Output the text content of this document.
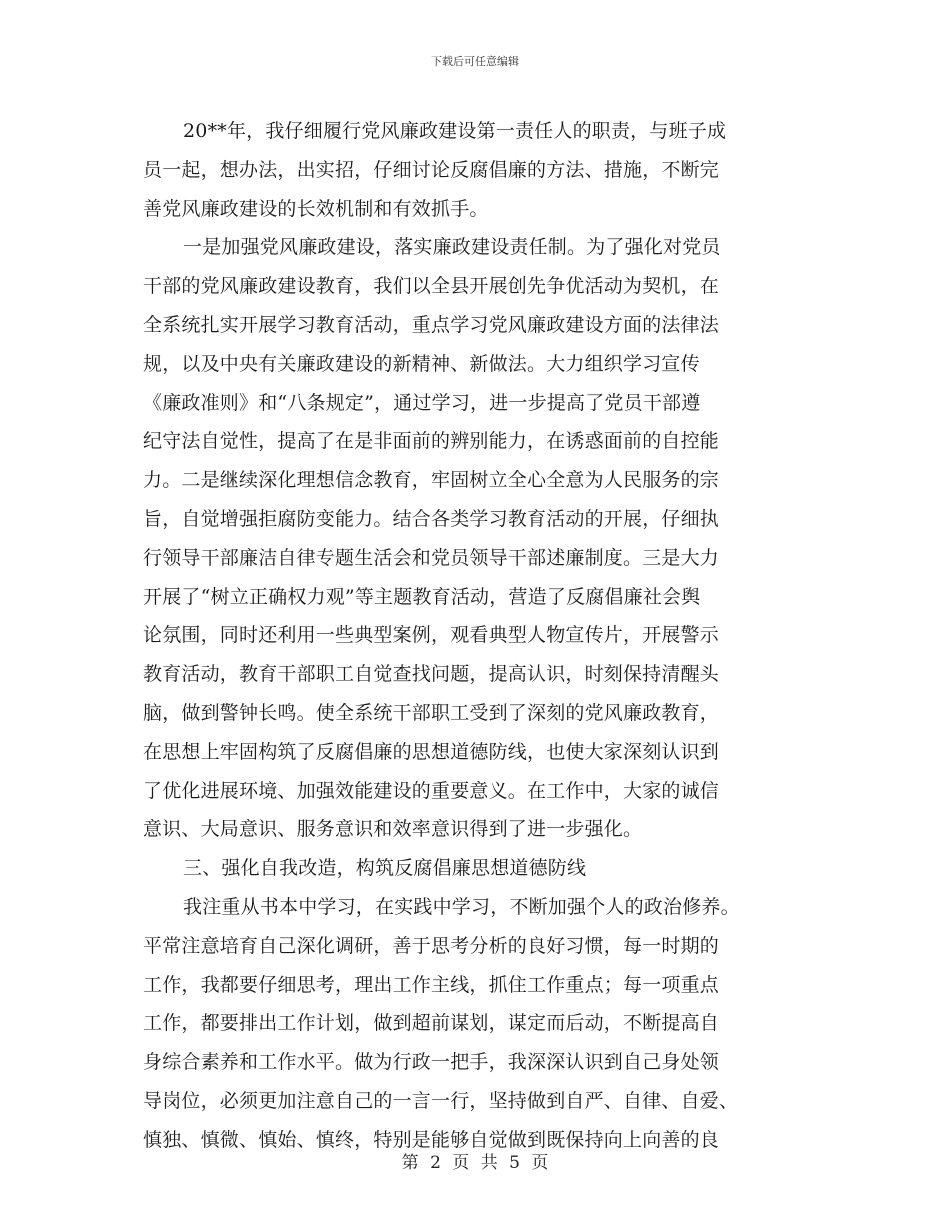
下载后可任意编辑
20**年，我仔细履行党风廉政建设第一责任人的职责，与班子成
员一起，想办法，出实招，仔细讨论反腐倡廉的方法、措施，不断完
善党风廉政建设的长效机制和有效抓手。
一是加强党风廉政建设，落实廉政建设责任制。为了强化对党员
干部的党风廉政建设教育，我们以全县开展创先争优活动为契机，在
全系统扎实开展学习教育活动，重点学习党风廉政建设方面的法律法
规，以及中央有关廉政建设的新精神、新做法。大力组织学习宣传
《廉政准则》和“八条规定”，通过学习，进一步提高了党员干部遵
纪守法自觉性，提高了在是非面前的辨别能力，在诱惑面前的自控能
力。二是继续深化理想信念教育，牢固树立全心全意为人民服务的宗
旨，自觉增强拒腐防变能力。结合各类学习教育活动的开展，仔细执
行领导干部廉洁自律专题生活会和党员领导干部述廉制度。三是大力
开展了“树立正确权力观”等主题教育活动，营造了反腐倡廉社会舆
论氛围，同时还利用一些典型案例，观看典型人物宣传片，开展警示
教育活动，教育干部职工自觉查找问题，提高认识，时刻保持清醒头
脑，做到警钟长鸣。使全系统干部职工受到了深刻的党风廉政教育，
在思想上牢固构筑了反腐倡廉的思想道德防线，也使大家深刻认识到
了优化进展环境、加强效能建设的重要意义。在工作中，大家的诚信
意识、大局意识、服务意识和效率意识得到了进一步强化。
三、强化自我改造，构筑反腐倡廉思想道德防线
我注重从书本中学习，在实践中学习，不断加强个人的政治修养。
平常注意培育自己深化调研，善于思考分析的良好习惯，每一时期的
工作，我都要仔细思考，理出工作主线，抓住工作重点；每一项重点
工作，都要排出工作计划，做到超前谋划，谋定而后动，不断提高自
身综合素养和工作水平。做为行政一把手，我深深认识到自己身处领
导岗位，必须更加注意自己的一言一行，坚持做到自严、自律、自爱、
慎独、慎微、慎始、慎终，特别是能够自觉做到既保持向上向善的良
第 2 页 共 5 页
